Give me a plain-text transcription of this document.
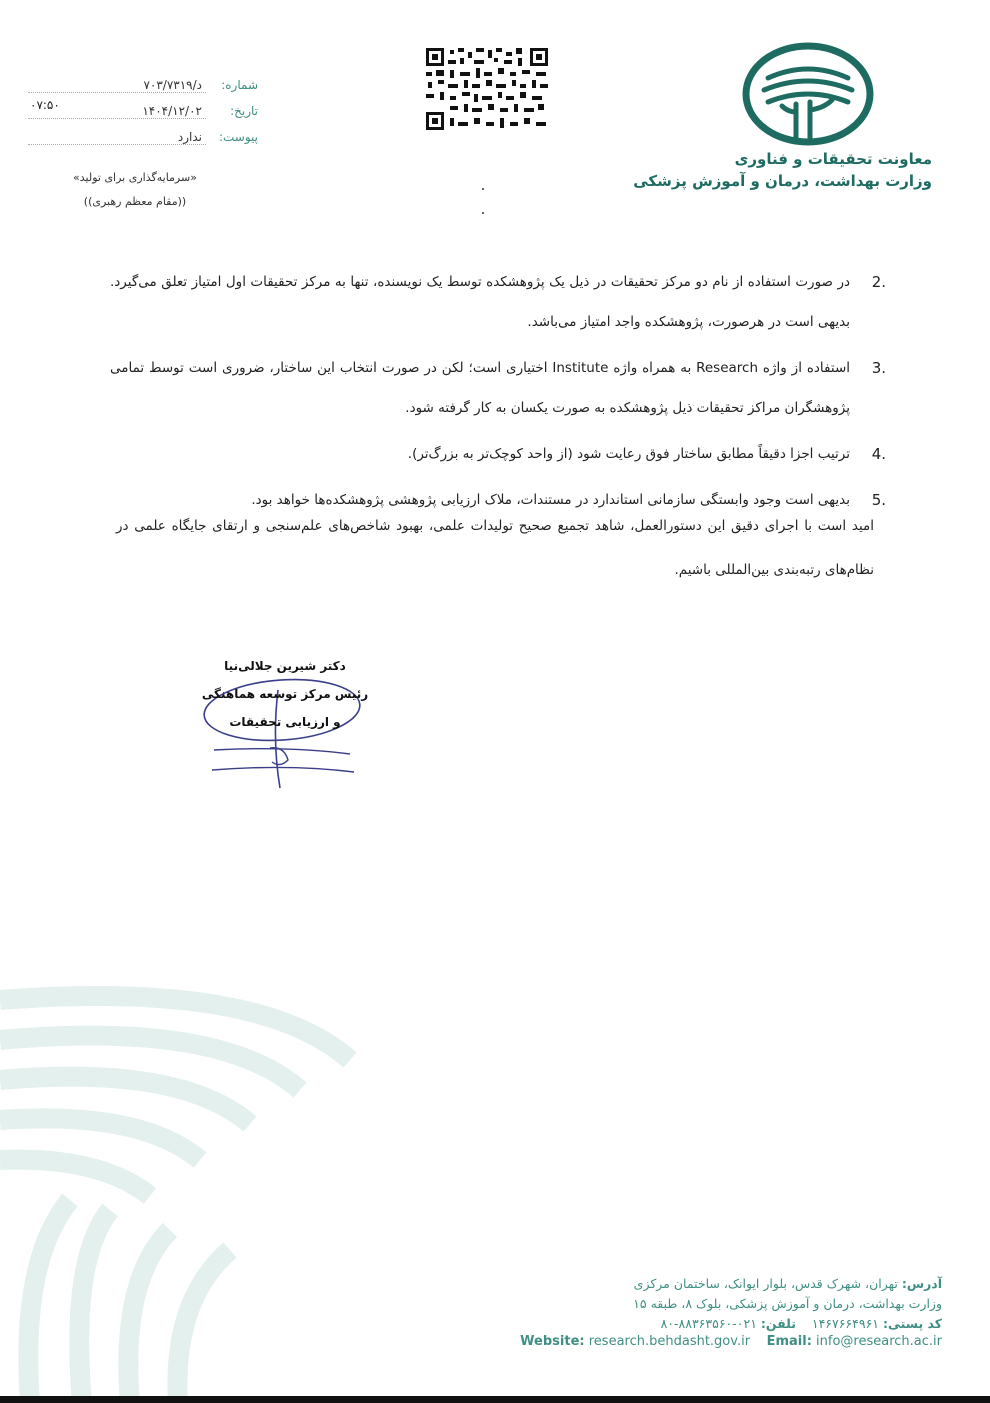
معاونت تحقیقات و فناوری
وزارت بهداشت، درمان و آموزش پزشکی
شماره:
د/۷۰۳/۷۳۱۹
تاریخ:
۱۴۰۴/۱۲/۰۲
پیوست:
ندارد
۰۷:۵۰
«سرمایه‌گذاری برای تولید»
((مقام معظم رهبری))
2.
در صورت استفاده از نام دو مرکز تحقیقات در ذیل یک پژوهشکده توسط یک نویسنده، تنها به مرکز تحقیقات اول امتیاز تعلق می‌گیرد. بدیهی است در هرصورت، پژوهشکده واجد امتیاز می‌باشد.
3.
استفاده از واژه Research به همراه واژه Institute اختیاری است؛ لکن در صورت انتخاب این ساختار، ضروری است توسط تمامی پژوهشگران مراکز تحقیقات ذیل پژوهشکده به صورت یکسان به کار گرفته شود.
4.
ترتیب اجزا دقیقاً مطابق ساختار فوق رعایت شود (از واحد کوچک‌تر به بزرگ‌تر).
5.
بدیهی است وجود وابستگی سازمانی استاندارد در مستندات، ملاک ارزیابی پژوهشی پژوهشکده‌ها خواهد بود.
امید است با اجرای دقیق این دستورالعمل، شاهد تجمیع صحیح تولیدات علمی، بهبود شاخص‌های علم‌سنجی و ارتقای جایگاه علمی در نظام‌های رتبه‌بندی بین‌المللی باشیم.
دکتر شیرین جلالی‌نیا
رئیس مرکز توسعه هماهنگی
و ارزیابی تحقیقات
آدرس: تهران، شهرک قدس، بلوار ایوانک، ساختمان مرکزی
وزارت بهداشت، درمان و آموزش پزشکی، بلوک ۸، طبقه ۱۵
کد پستی: ۱۴۶۷۶۶۴۹۶۱    تلفن: ۰۲۱-۸۸۳۶۳۵۶۰-۸۰
Website: research.behdasht.gov.ir Email: info@research.ac.ir
